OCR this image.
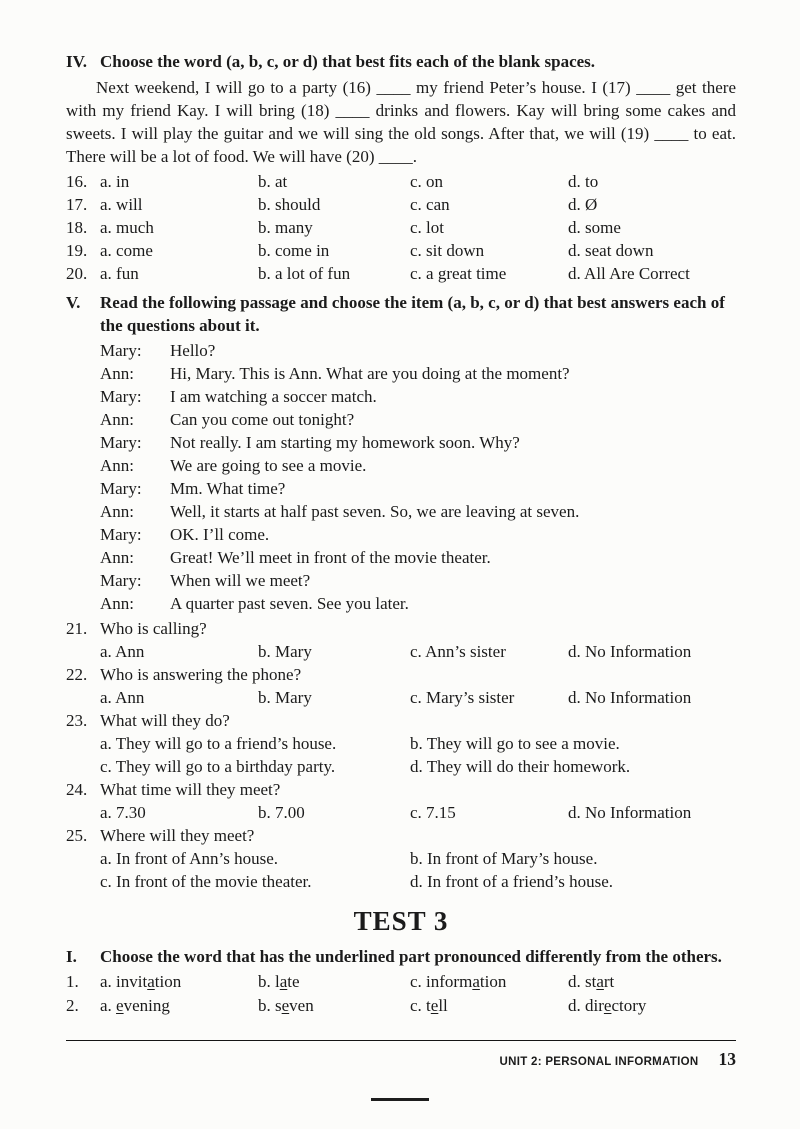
IV. Choose the word (a, b, c, or d) that best fits each of the blank spaces.

Next weekend, I will go to a party (16) ____ my friend Peter’s house. I (17) ____ get there with my friend Kay. I will bring (18) ____ drinks and flowers. Kay will bring some cakes and sweets. I will play the guitar and we will sing the old songs. After that, we will (19) ____ to eat. There will be a lot of food. We will have (20) ____.

16. a. in	b. at	c. on	d. to
17. a. will	b. should	c. can	d. Ø
18. a. much	b. many	c. lot	d. some
19. a. come	b. come in	c. sit down	d. seat down
20. a. fun	b. a lot of fun	c. a great time	d. All Are Correct
V.	Read the following passage and choose the item (a, b, c, or d) that best answers each of the questions about it.
Mary:	Hello?
Ann:	Hi, Mary. This is Ann. What are you doing at the moment?
Mary:	I am watching a soccer match.
Ann:	Can you come out tonight?
Mary:	Not really. I am starting my homework soon. Why?
Ann:	We are going to see a movie.
Mary:	Mm. What time?
Ann:	Well, it starts at half past seven. So, we are leaving at seven.
Mary:	OK. I’ll come.
Ann:	Great! We’ll meet in front of the movie theater.
Mary:	When will we meet?
Ann:	A quarter past seven. See you later.
21. Who is calling?
a. Ann	b. Mary	c. Ann’s sister	d. No Information
22. Who is answering the phone?
a. Ann	b. Mary	c. Mary’s sister	d. No Information
23. What will they do?
a. They will go to a friend’s house.	b. They will go to see a movie.
c. They will go to a birthday party.	d. They will do their homework.
24. What time will they meet?
a. 7.30	b. 7.00	c. 7.15	d. No Information
25. Where will they meet?
a. In front of Ann’s house.	b. In front of Mary’s house.
c. In front of the movie theater.	d. In front of a friend’s house.
TEST 3
I.	Choose the word that has the underlined part pronounced differently from the others.
1.	a. invitation	b. late	c. information	d. start
2.	a. evening	b. seven	c. tell	d. directory
UNIT 2: PERSONAL INFORMATION 13
